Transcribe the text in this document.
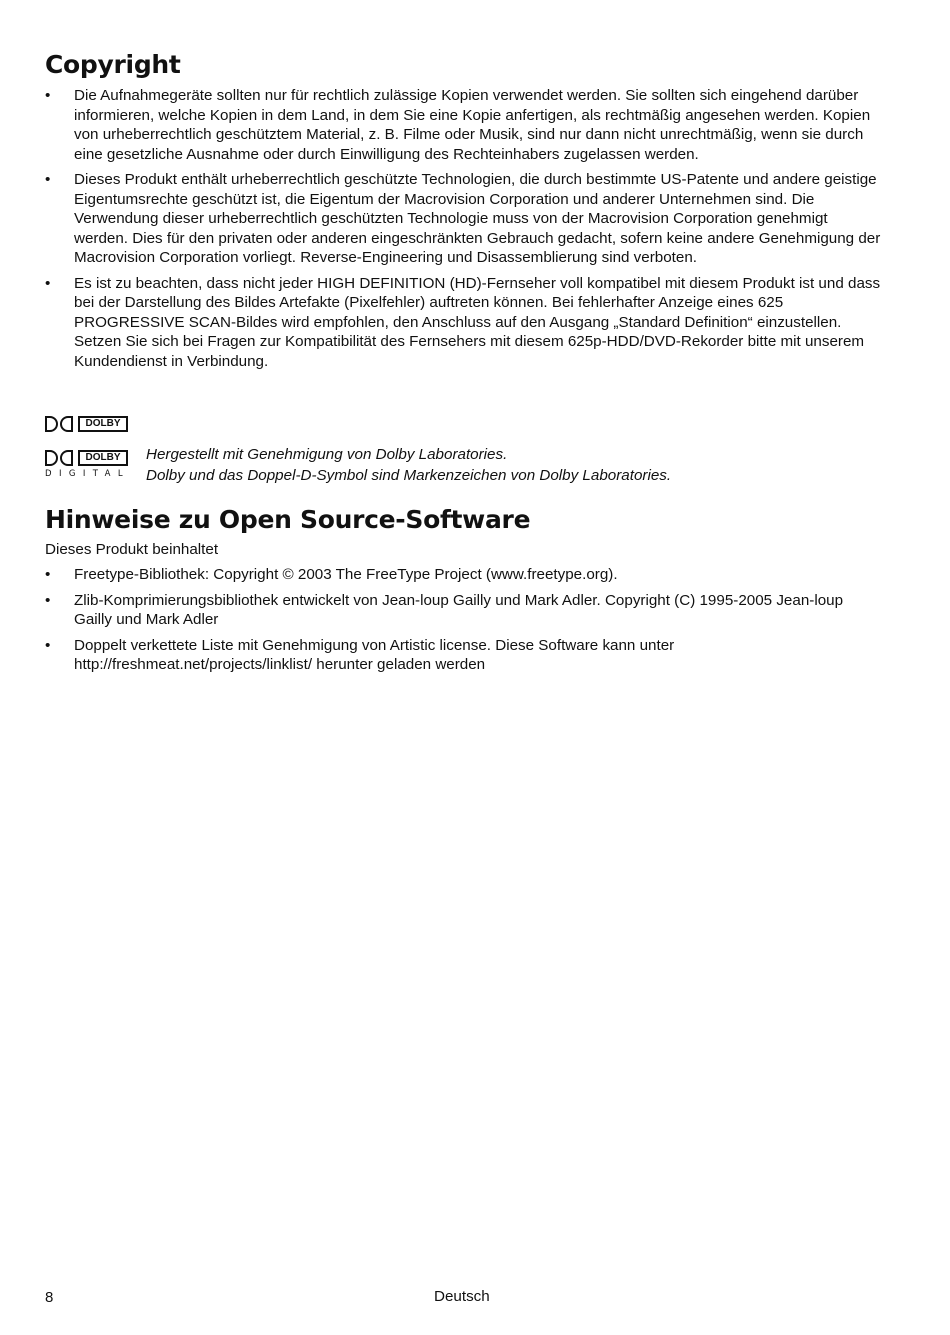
Copyright
• Die Aufnahmegeräte sollten nur für rechtlich zulässige Kopien verwendet werden. Sie sollten sich eingehend darüber informieren, welche Kopien in dem Land, in dem Sie eine Kopie anfertigen, als rechtmäßig angesehen werden. Kopien von urheberrechtlich geschütztem Material, z. B. Filme oder Musik, sind nur dann nicht unrechtmäßig, wenn sie durch eine gesetzliche Ausnahme oder durch Einwilligung des Rechteinhabers zugelassen werden.
• Dieses Produkt enthält urheberrechtlich geschützte Technologien, die durch bestimmte US-Patente und andere geistige Eigentumsrechte geschützt ist, die Eigentum der Macrovision Corporation und anderer Unternehmen sind. Die Verwendung dieser urheberrechtlich geschützten Technologie muss von der Macrovision Corporation genehmigt werden. Dies für den privaten oder anderen eingeschränkten Gebrauch gedacht, sofern keine andere Genehmigung der Macrovision Corporation vorliegt. Reverse-Engineering und Disassemblierung sind verboten.
• Es ist zu beachten, dass nicht jeder HIGH DEFINITION (HD)-Fernseher voll kompatibel mit diesem Produkt ist und dass bei der Darstellung des Bildes Artefakte (Pixelfehler) auftreten können. Bei fehlerhafter Anzeige eines 625 PROGRESSIVE SCAN-Bildes wird empfohlen, den Anschluss auf den Ausgang „Standard Definition“ einzustellen. Setzen Sie sich bei Fragen zur Kompatibilität des Fernsehers mit diesem 625p-HDD/DVD-Rekorder bitte mit unserem Kundendienst in Verbindung.
DOLBY
DOLBY
DIGITAL
Hergestellt mit Genehmigung von Dolby Laboratories.
Dolby und das Doppel-D-Symbol sind Markenzeichen von Dolby Laboratories.
Hinweise zu Open Source-Software
Dieses Produkt beinhaltet
• Freetype-Bibliothek: Copyright © 2003 The FreeType Project (www.freetype.org).
• Zlib-Komprimierungsbibliothek entwickelt von Jean-loup Gailly und Mark Adler. Copyright (C) 1995-2005 Jean-loup Gailly und Mark Adler
• Doppelt verkettete Liste mit Genehmigung von Artistic license. Diese Software kann unter http://freshmeat.net/projects/linklist/ herunter geladen werden
8	Deutsch
